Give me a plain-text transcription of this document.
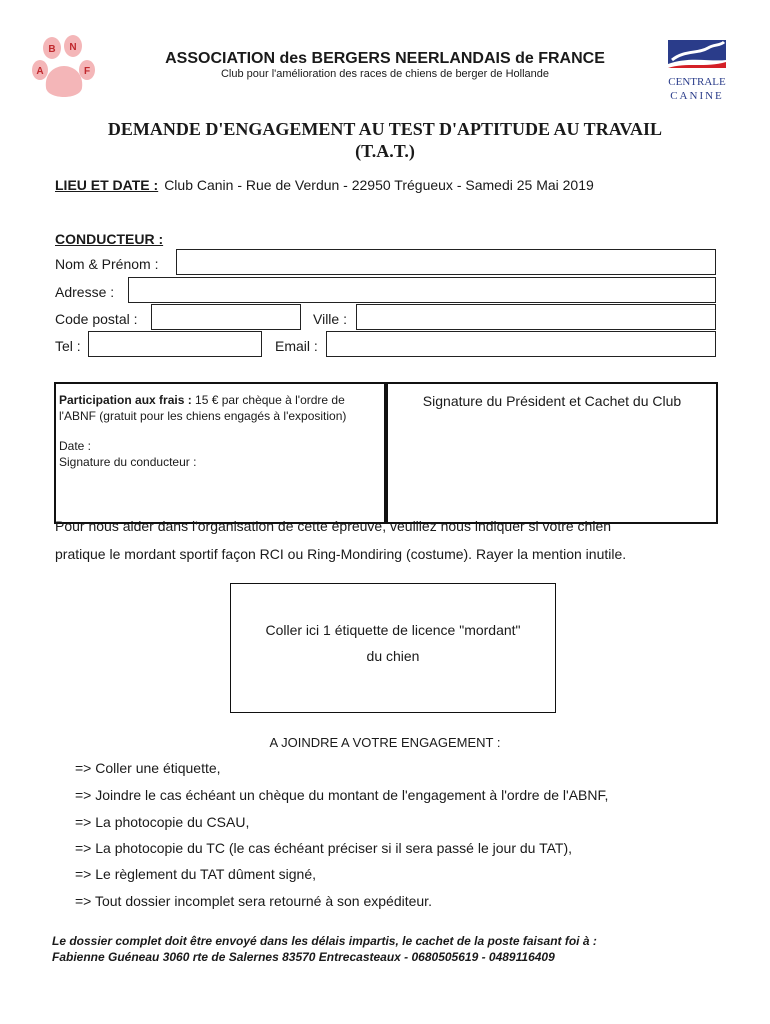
B N
A	F
CENTRALE
CANINE
ASSOCIATION des BERGERS NEERLANDAIS de FRANCE
Club pour l'amélioration des races de chiens de berger de Hollande
DEMANDE D'ENGAGEMENT AU TEST D'APTITUDE AU TRAVAIL
(T.A.T.)
LIEU ET DATE : Club Canin - Rue de Verdun - 22950 Trégueux - Samedi 25 Mai 2019
CONDUCTEUR :
Nom & Prénom :
Adresse :
Code postal :	Ville :
Tel :	Email :
Participation aux frais : 15 € par chèque à l'ordre de l'ABNF (gratuit pour les chiens engagés à l'exposition)
Date :
Signature du conducteur :
Signature du Président et Cachet du Club
Pour nous aider dans l'organisation de cette épreuve, veuillez nous indiquer si votre chien
pratique le mordant sportif façon RCI ou Ring-Mondiring (costume). Rayer la mention inutile.
Coller ici 1 étiquette de licence "mordant"
du chien
A JOINDRE A VOTRE ENGAGEMENT :
=> Coller une étiquette,
=> Joindre le cas échéant un chèque du montant de l'engagement à l'ordre de l'ABNF,
=> La photocopie du CSAU,
=> La photocopie du TC (le cas échéant préciser si il sera passé le jour du TAT),
=> Le règlement du TAT dûment signé,
=> Tout dossier incomplet sera retourné à son expéditeur.
Le dossier complet doit être envoyé dans les délais impartis, le cachet de la poste faisant foi à :
Fabienne Guéneau 3060 rte de Salernes 83570 Entrecasteaux - 0680505619 - 0489116409
